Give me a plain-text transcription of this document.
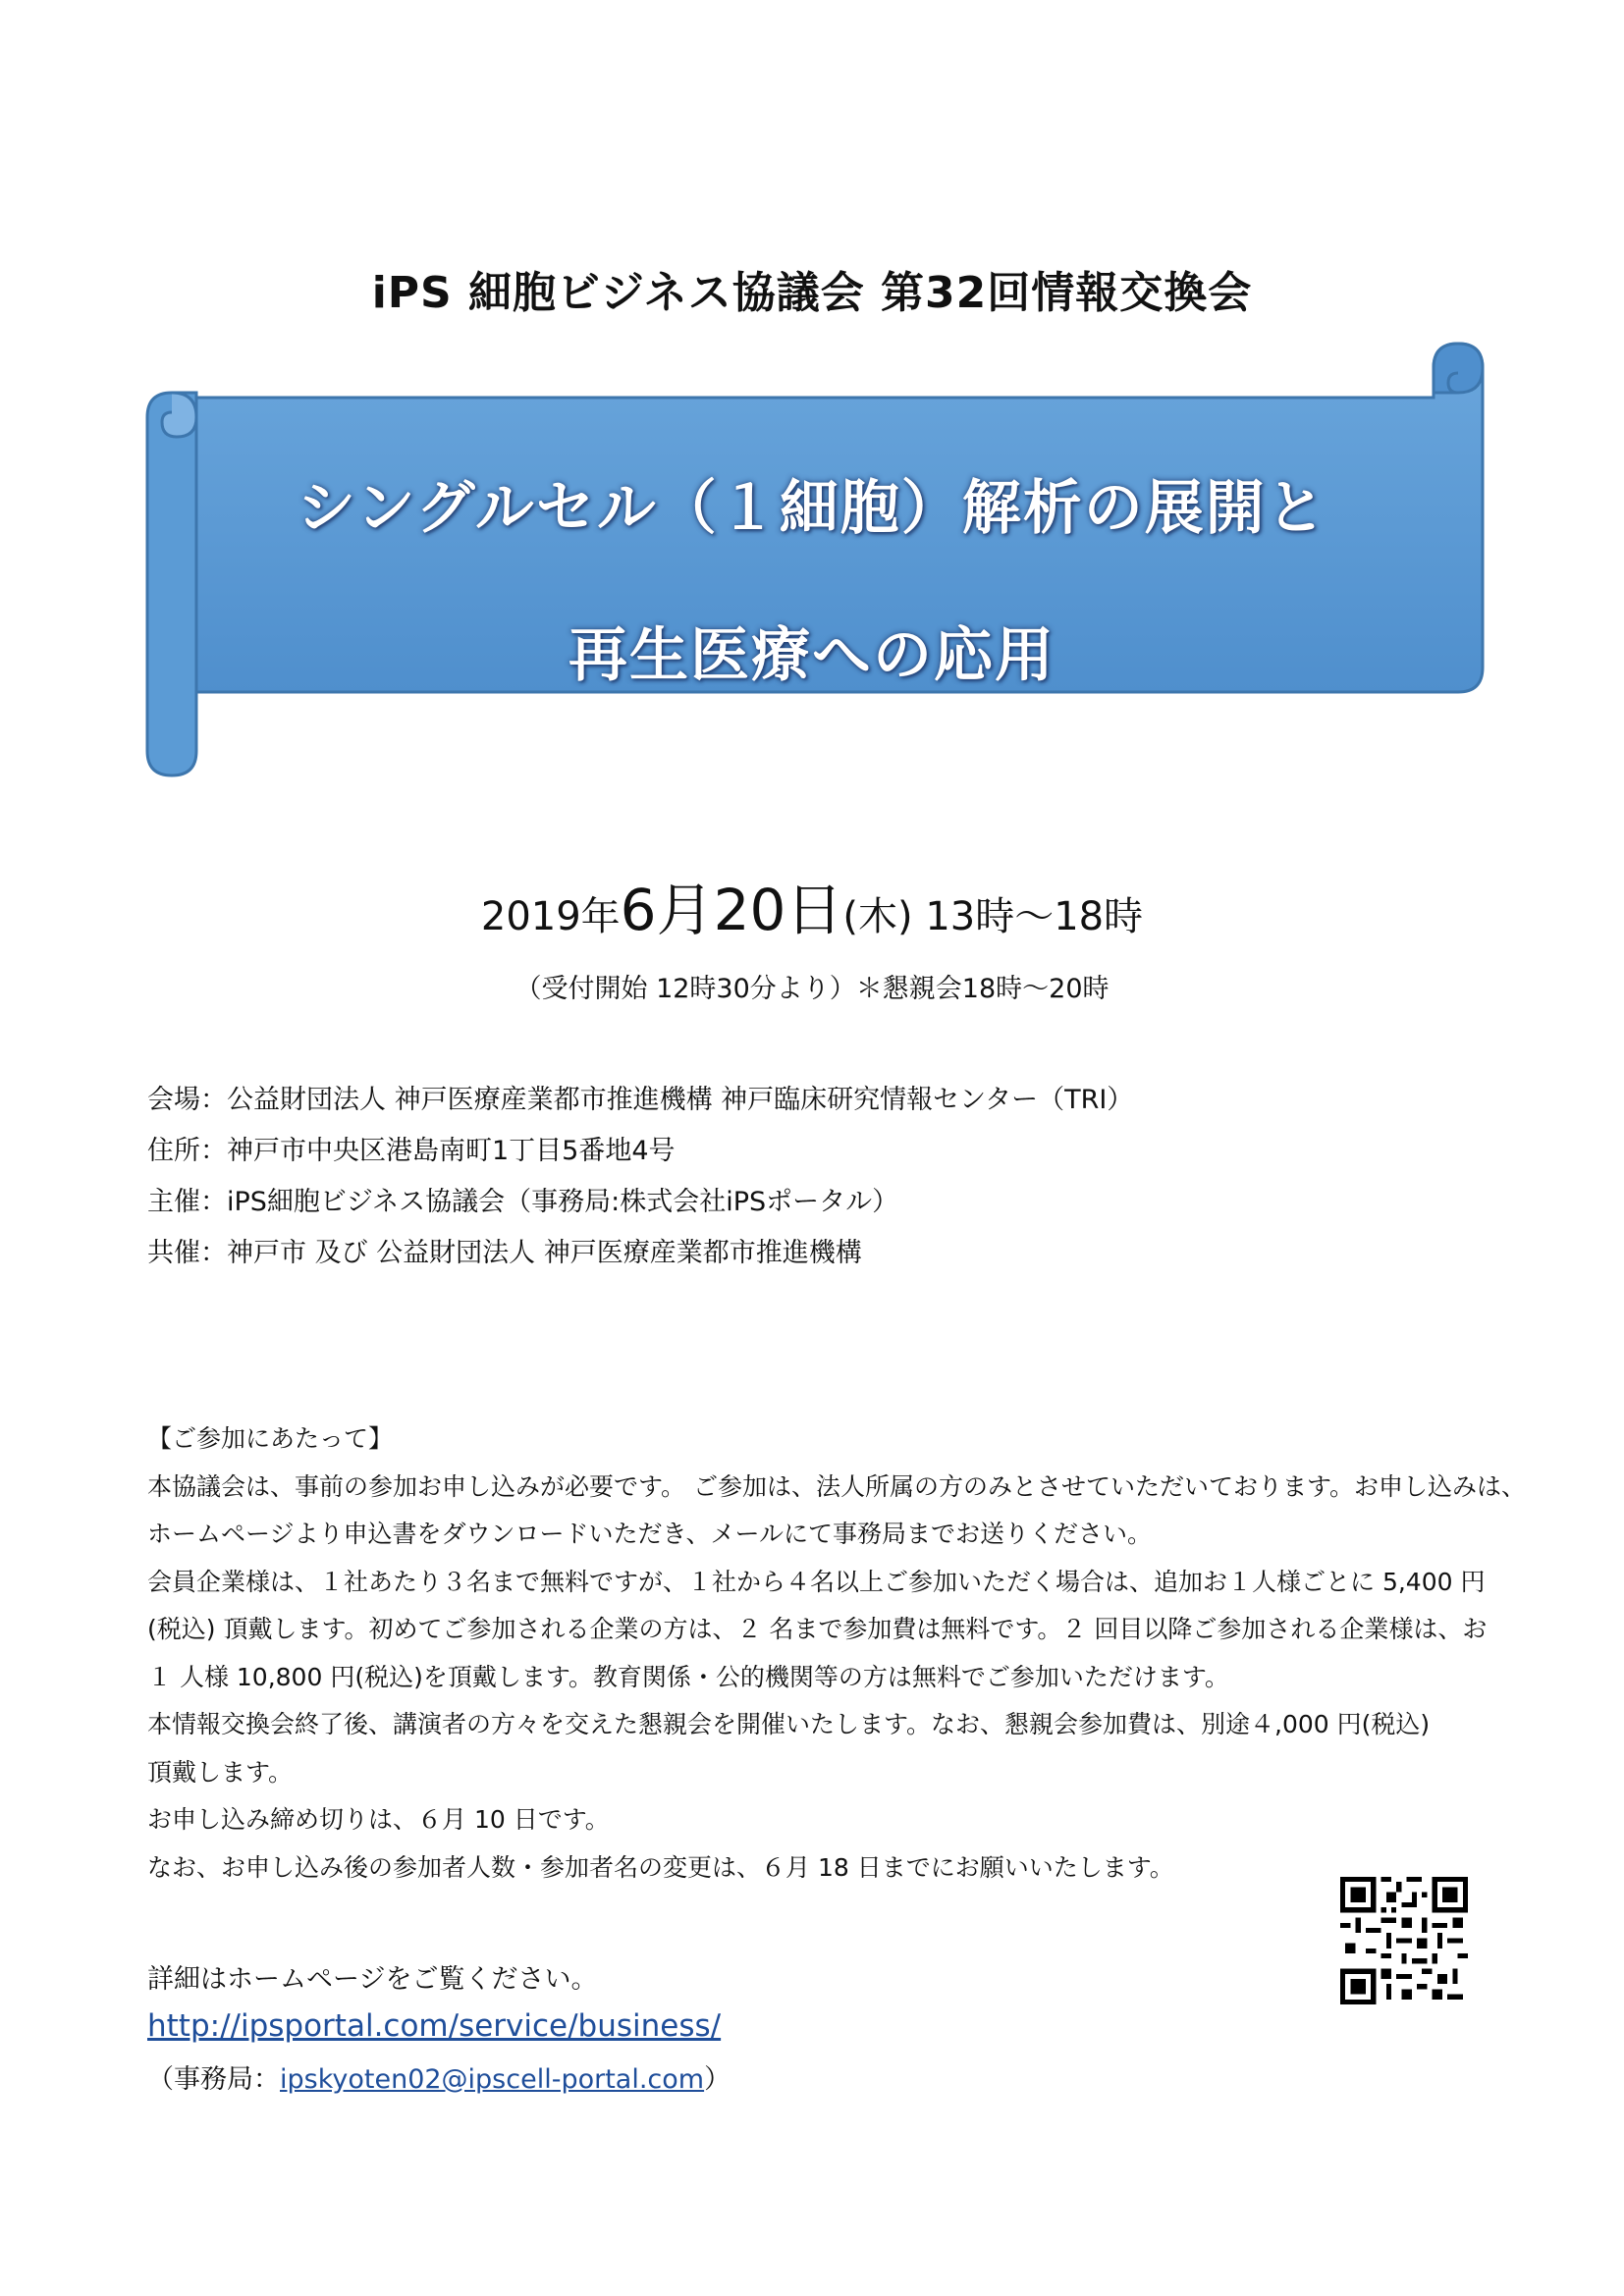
iPS 細胞ビジネス協議会 第32回情報交換会
シングルセル（１細胞）解析の展開と
再生医療への応用
2019年6月20日(木) 13時～18時
（受付開始 12時30分より）＊懇親会18時～20時
会場：公益財団法人 神戸医療産業都市推進機構 神戸臨床研究情報センター（TRI）
住所：神戸市中央区港島南町1丁目5番地4号
主催：iPS細胞ビジネス協議会（事務局:株式会社iPSポータル）
共催：神戸市 及び 公益財団法人 神戸医療産業都市推進機構
【ご参加にあたって】
本協議会は、事前の参加お申し込みが必要です。 ご参加は、法人所属の方のみとさせていただいております。お申し込みは、
ホームページより申込書をダウンロードいただき、メールにて事務局までお送りください。
会員企業様は、１社あたり３名まで無料ですが、１社から４名以上ご参加いただく場合は、追加お１人様ごとに 5,400 円
(税込) 頂戴します。初めてご参加される企業の方は、２ 名まで参加費は無料です。２ 回目以降ご参加される企業様は、お
１ 人様 10,800 円(税込)を頂戴します。教育関係・公的機関等の方は無料でご参加いただけます。
本情報交換会終了後、講演者の方々を交えた懇親会を開催いたします。なお、懇親会参加費は、別途４,000 円(税込)
頂戴します。
お申し込み締め切りは、６月 10 日です。
なお、お申し込み後の参加者人数・参加者名の変更は、６月 18 日までにお願いいたします。
詳細はホームページをご覧ください。
http://ipsportal.com/service/business/
（事務局：ipskyoten02@ipscell-portal.com）
